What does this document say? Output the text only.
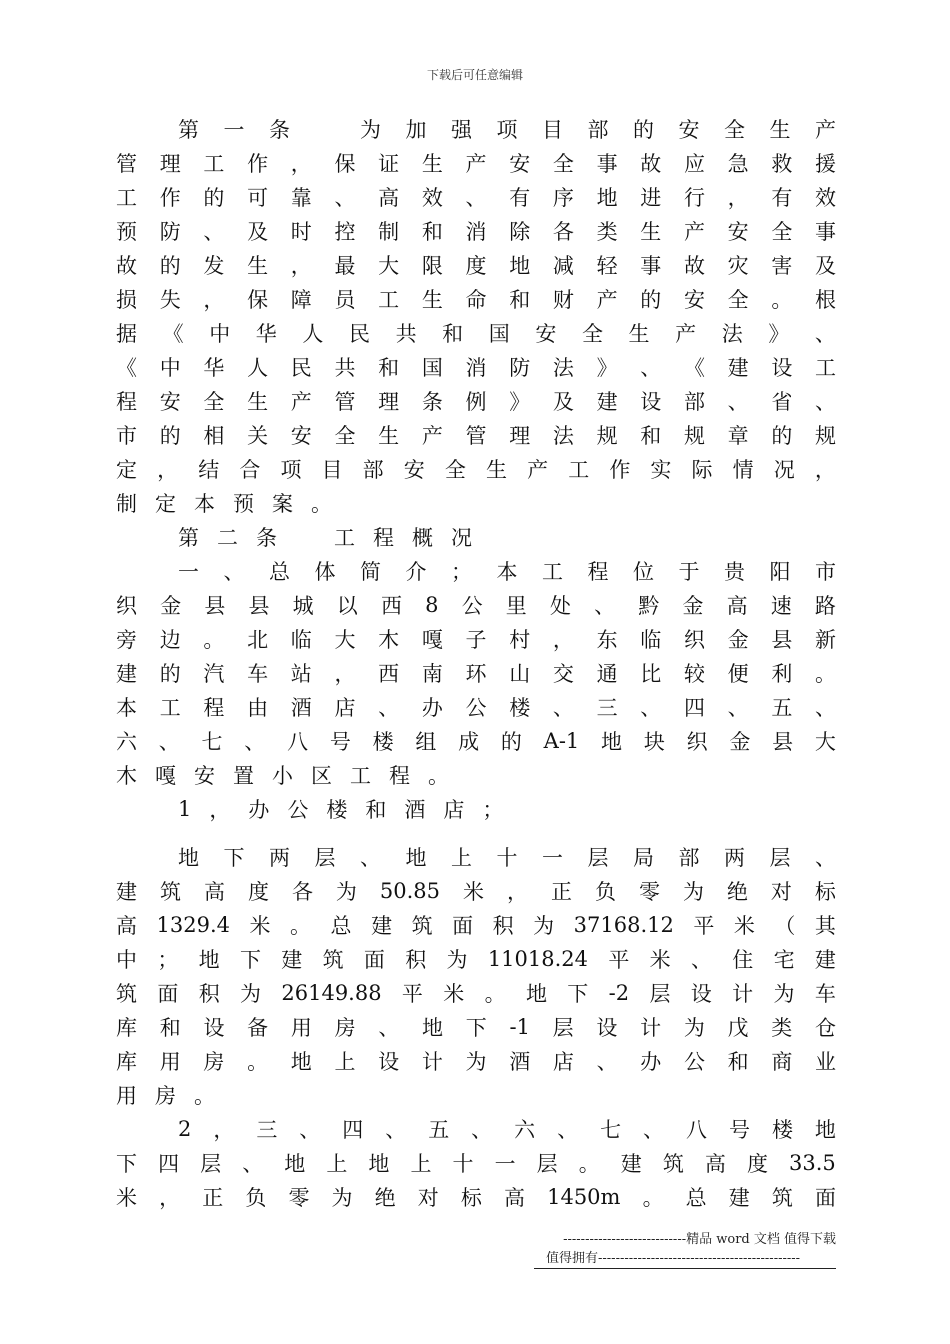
下载后可任意编辑
第 一 条
　	为 加 强 项 目 部 的 安 全 生 产
管 理 工 作 ， 保 证 生 产 安 全 事 故 应 急 救 援
工 作 的 可 靠 、 高 效 、 有 序 地 进 行 ， 有 效
预 防 、 及 时 控 制 和 消 除 各 类 生 产 安 全 事
故 的 发 生 ， 最 大 限 度 地 减 轻 事 故 灾 害 及
损 失 ， 保 障 员 工 生 命 和 财 产 的 安 全 。 根
据 《 中 华 人 民 共 和 国 安 全 生 产 法 》 、
《 中 华 人 民 共 和 国 消 防 法 》 、 《 建 设 工
程 安 全 生 产 管 理 条 例 》 及 建 设 部 、 省 、
市 的 相 关 安 全 生 产 管 理 法 规 和 规 章 的 规
定 ， 结 合 项 目 部 安 全 生 产 工 作 实 际 情 况 ，
制 定 本 预 案 。
第 二 条
　	工 程 概 况
一 、 总 体 简 介 ； 本 工 程 位 于 贵 阳 市
织 金 县 县 城 以 西 8 公 里 处 、 黔 金 高 速 路
旁 边 。 北 临 大 木 嘎 子 村 ， 东 临 织 金 县 新
建 的 汽 车 站 ， 西 南 环 山 交 通 比 较 便 利 。
本 工 程 由 酒 店 、 办 公 楼 、 三 、 四 、 五 、
六 、 七 、 八 号 楼 组 成 的 A-1 地 块 织 金 县 大
木 嘎 安 置 小 区 工 程 。
1 ， 办 公 楼 和 酒 店 ；
地 下 两 层 、 地 上 十 一 层 局 部 两 层 、
建 筑 高 度 各 为 50.85 米 ， 正 负 零 为 绝 对 标
高 1329.4 米 。 总 建 筑 面 积 为 37168.12 平 米 （ 其
中 ； 地 下 建 筑 面 积 为 11018.24 平 米 、 住 宅 建
筑 面 积 为 26149.88 平 米 。 地 下 -2 层 设 计 为 车
库 和 设 备 用 房 、 地 下 -1 层 设 计 为 戊 类 仓
库 用 房 。 地 上 设 计 为 酒 店 、 办 公 和 商 业
用 房 。
2 ， 三 、 四 、 五 、 六 、 七 、 八 号 楼 地
下 四 层 、 地 上 地 上 十 一 层 。 建 筑 高 度 33.5
米 ， 正 负 零 为 绝 对 标 高 1450m 。 总 建 筑 面
----------------------------精品 word 文档 值得下载
值得拥有----------------------------------------------
